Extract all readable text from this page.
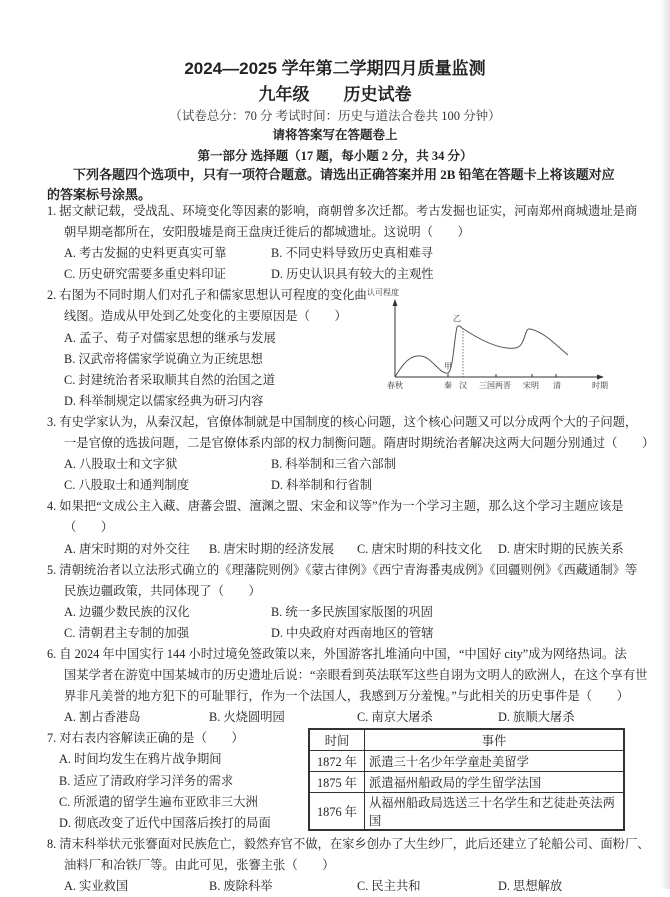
2024—2025 学年第二学期四月质量监测
九年级 历史试卷
（试卷总分：70 分 考试时间：历史与道法合卷共 100 分钟）
请将答案写在答题卷上
第一部分 选择题（17 题，每小题 2 分，共 34 分）
下列各题四个选项中，只有一项符合题意。请选出正确答案并用 2B 铅笔在答题卡上将该题对应的答案标号涂黑。
1. 据文献记载，受战乱、环境变化等因素的影响，商朝曾多次迁都。考古发掘也证实，河南郑州商城遗址是商
朝早期亳都所在，安阳殷墟是商王盘庚迁徙后的都城遗址。这说明（　　）
A. 考古发掘的史料更真实可靠	B. 不同史料导致历史真相难寻
C. 历史研究需要多重史料印证	D. 历史认识具有较大的主观性
2. 右图为不同时期人们对孔子和儒家思想认可程度的变化曲
线图。造成从甲处到乙处变化的主要原因是（　　）
A. 孟子、荀子对儒家思想的继承与发展
B. 汉武帝将儒家学说确立为正统思想
C. 封建统治者采取顺其自然的治国之道
D. 科举制规定以儒家经典为研习内容
3. 有史学家认为，从秦汉起，官僚体制就是中国制度的核心问题，这个核心问题又可以分成两个大的子问题，
一是官僚的选拔问题，二是官僚体系内部的权力制衡问题。隋唐时期统治者解决这两大问题分别通过（　　）
A. 八股取士和文字狱	B. 科举制和三省六部制
C. 八股取士和通判制度	D. 科举制和行省制
4. 如果把“文成公主入藏、唐蕃会盟、澶渊之盟、宋金和议等”作为一个学习主题，那么这个学习主题应该是
（　　）
A. 唐宋时期的对外交往 B. 唐宋时期的经济发展 C. 唐宋时期的科技文化 D. 唐宋时期的民族关系
5. 清朝统治者以立法形式确立的《理藩院则例》《蒙古律例》《西宁青海番夷成例》《回疆则例》《西藏通制》等
民族边疆政策，共同体现了（　　）
A. 边疆少数民族的汉化	B. 统一多民族国家版图的巩固
C. 清朝君主专制的加强	D. 中央政府对西南地区的管辖
6. 自 2024 年中国实行 144 小时过境免签政策以来，外国游客扎堆涌向中国，“中国好 city”成为网络热词。法
国某学者在游览中国某城市的历史遗址后说：“亲眼看到英法联军这些自诩为文明人的欧洲人，在这个享有世
界非凡美誉的地方犯下的可耻罪行，作为一个法国人，我感到万分羞愧。”与此相关的历史事件是（　　）
A. 割占香港岛	B. 火烧圆明园	C. 南京大屠杀	D. 旅顺大屠杀
7. 对右表内容解读正确的是（　　）
A. 时间均发生在鸦片战争期间
B. 适应了清政府学习洋务的需求
C. 所派遣的留学生遍布亚欧非三大洲
D. 彻底改变了近代中国落后挨打的局面
8. 清末科举状元张謇面对民族危亡，毅然弃官不做，在家乡创办了大生纱厂，此后还建立了轮船公司、面粉厂、
油料厂和冶铁厂等。由此可见，张謇主张（　　）
A. 实业救国	B. 废除科举	C. 民主共和	D. 思想解放
认可程度
甲
乙
春秋	秦 汉 三国两晋 宋明 清	时期
时间	事件
1872 年	派遣三十名少年学童赴美留学
1875 年	派遣福州船政局的学生留学法国
1876 年	从福州船政局选送三十名学生和艺徒赴英法两国
